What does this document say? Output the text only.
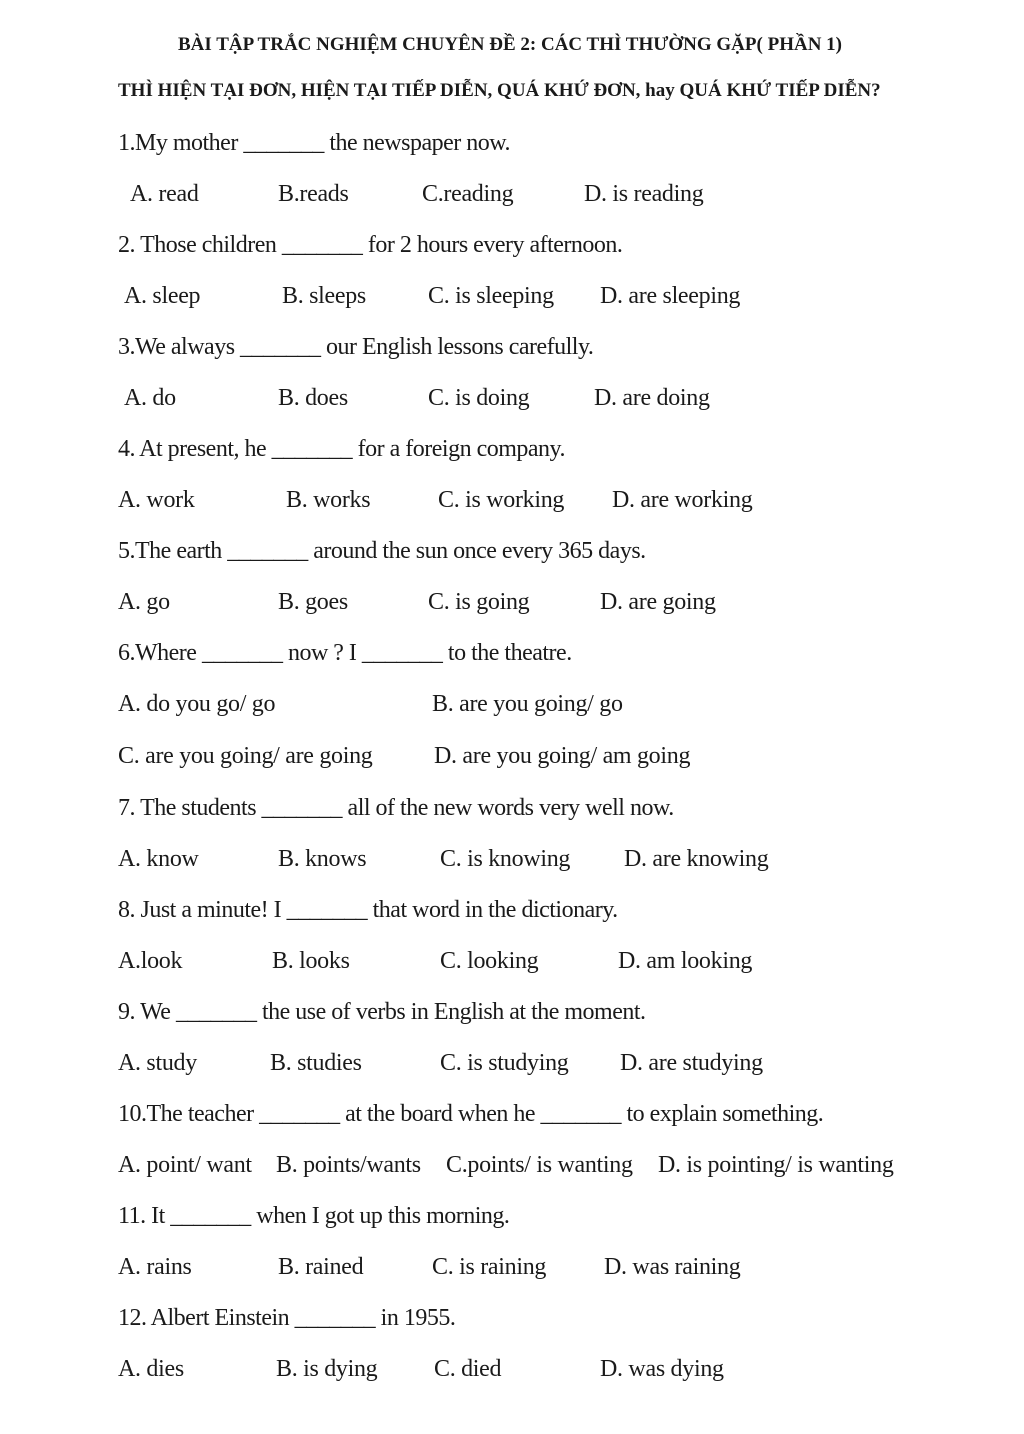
BÀI TẬP TRẮC NGHIỆM CHUYÊN ĐỀ 2: CÁC THÌ THƯỜNG GẶP( PHẦN 1)
THÌ HIỆN TẠI ĐƠN, HIỆN TẠI TIẾP DIỄN, QUÁ KHỨ ĐƠN, hay QUÁ KHỨ TIẾP DIỄN?
1.My mother _______ the newspaper now.
A. read	B.reads	C.reading	D. is reading
2. Those children _______ for 2 hours every afternoon.
A. sleep	B. sleeps	C. is sleeping D. are sleeping
3.We always _______ our English lessons carefully.
A. do	B. does	C. is doing	D. are doing
4. At present, he _______ for a foreign company.
A. work	B. works	C. is working D. are working
5.The earth _______ around the sun once every 365 days.
A. go	B. goes	C. is going	D. are going
6.Where _______ now ? I _______ to the theatre.
A. do you go/ go	B. are you going/ go
C. are you going/ are going	D. are you going/ am going
7. The students _______ all of the new words very well now.
A. know	B. knows	C. is knowing D. are knowing
8. Just a minute! I _______ that word in the dictionary.
A.look	B. looks	C. looking	D. am looking
9. We _______ the use of verbs in English at the moment.
A. study	B. studies	C. is studying D. are studying
10.The teacher _______ at the board when he _______ to explain something.
A. point/ want B. points/wants C.points/ is wanting D. is pointing/ is wanting
11. It _______ when I got up this morning.
A. rains	B. rained	C. is raining D. was raining
12. Albert Einstein _______ in 1955.
A. dies	B. is dying C. died	D. was dying
